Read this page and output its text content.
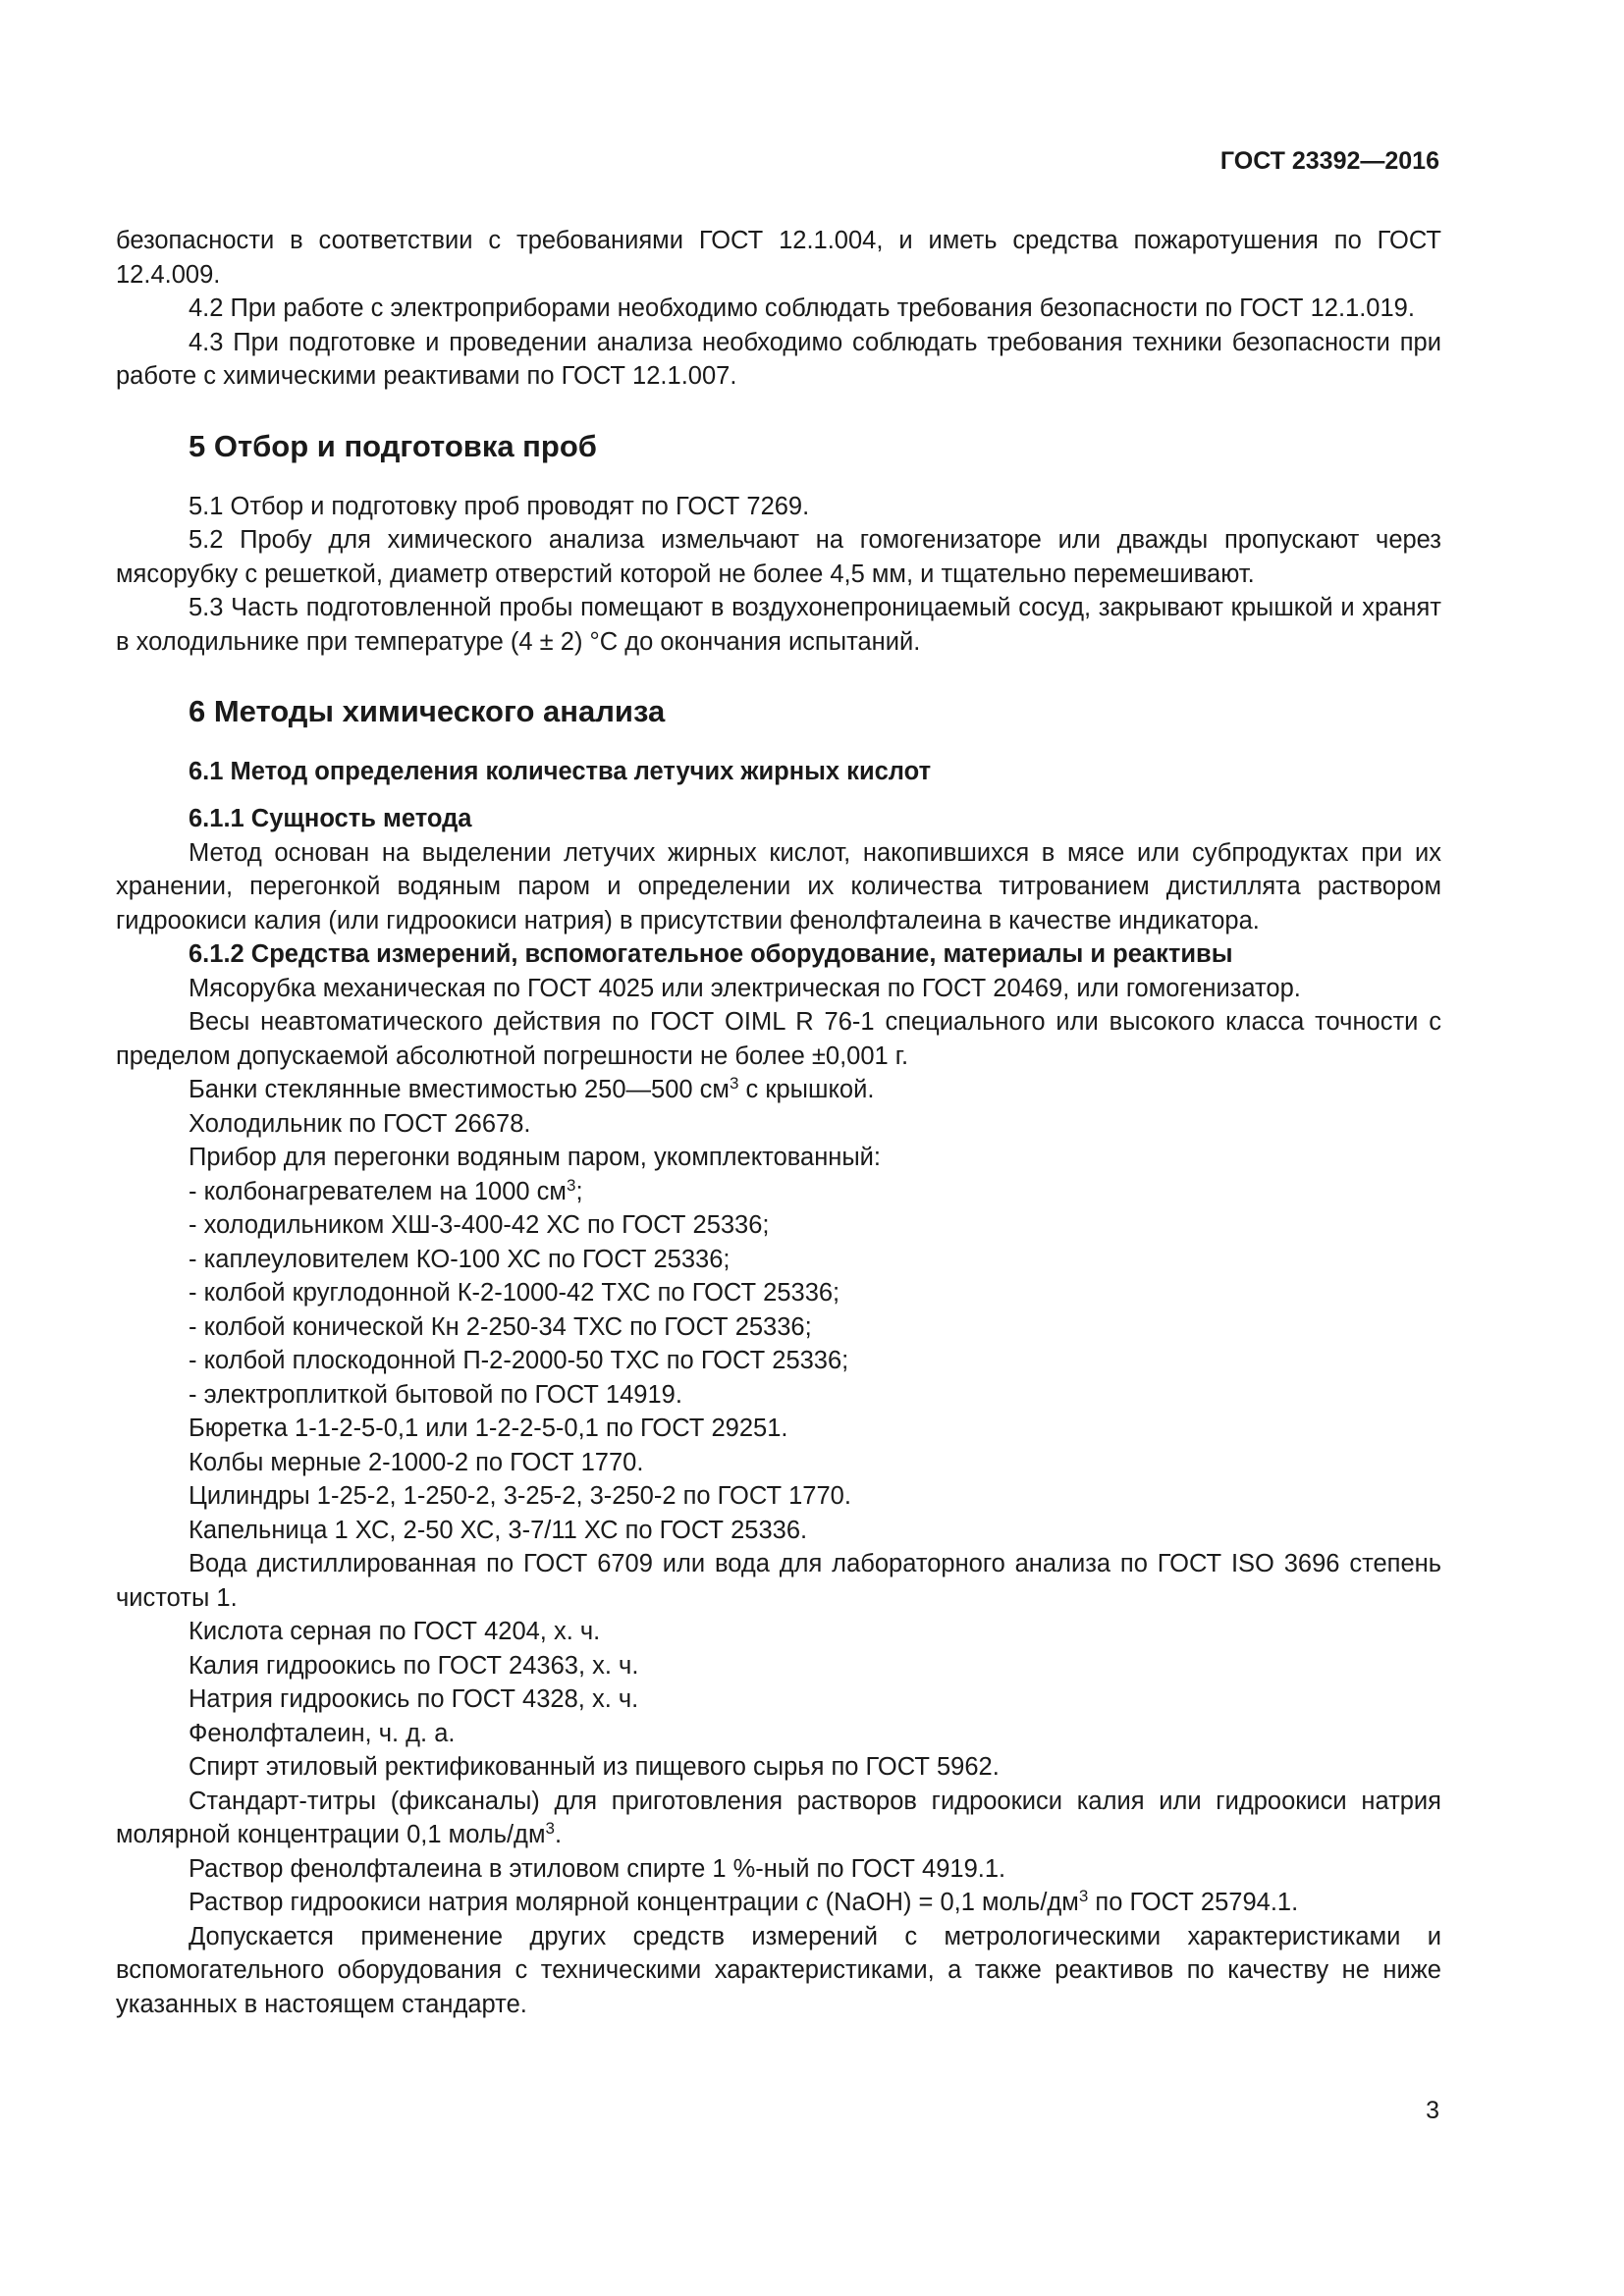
ГОСТ 23392—2016

безопасности в соответствии с требованиями ГОСТ 12.1.004, и иметь средства пожаротушения по ГОСТ 12.4.009.

4.2 При работе с электроприборами необходимо соблюдать требования безопасности по ГОСТ 12.1.019.

4.3 При подготовке и проведении анализа необходимо соблюдать требования техники безопасности при работе с химическими реактивами по ГОСТ 12.1.007.

5 Отбор и подготовка проб

5.1 Отбор и подготовку проб проводят по ГОСТ 7269.

5.2 Пробу для химического анализа измельчают на гомогенизаторе или дважды пропускают через мясорубку с решеткой, диаметр отверстий которой не более 4,5 мм, и тщательно перемешивают.

5.3 Часть подготовленной пробы помещают в воздухонепроницаемый сосуд, закрывают крышкой и хранят в холодильнике при температуре (4 ± 2) °С до окончания испытаний.

6 Методы химического анализа
6.1 Метод определения количества летучих жирных кислот
6.1.1 Сущность метода

Метод основан на выделении летучих жирных кислот, накопившихся в мясе или субпродуктах при их хранении, перегонкой водяным паром и определении их количества титрованием дистиллята раствором гидроокиси калия (или гидроокиси натрия) в присутствии фенолфталеина в качестве индикатора.

6.1.2 Средства измерений, вспомогательное оборудование, материалы и реактивы

Мясорубка механическая по ГОСТ 4025 или электрическая по ГОСТ 20469, или гомогенизатор.

Весы неавтоматического действия по ГОСТ OIML R 76-1 специального или высокого класса точности с пределом допускаемой абсолютной погрешности не более ±0,001 г.

Банки стеклянные вместимостью 250—500 $см^3$ с крышкой.

Холодильник по ГОСТ 26678.

Прибор для перегонки водяным паром, укомплектованный:

- колбонагревателем на 1000 $см^3$;

- холодильником ХШ-3-400-42 ХС по ГОСТ 25336;

- каплеуловителем КО-100 ХС по ГОСТ 25336;

- колбой круглодонной К-2-1000-42 ТХС по ГОСТ 25336;

- колбой конической Кн 2-250-34 ТХС по ГОСТ 25336;

- колбой плоскодонной П-2-2000-50 ТХС по ГОСТ 25336;

- электроплиткой бытовой по ГОСТ 14919.

Бюретка 1-1-2-5-0,1 или 1-2-2-5-0,1 по ГОСТ 29251.

Колбы мерные 2-1000-2 по ГОСТ 1770.

Цилиндры 1-25-2, 1-250-2, 3-25-2, 3-250-2 по ГОСТ 1770.

Капельница 1 ХС, 2-50 ХС, 3-7/11 ХС по ГОСТ 25336.

Вода дистиллированная по ГОСТ 6709 или вода для лабораторного анализа по ГОСТ ISO 3696 степень чистоты 1.

Кислота серная по ГОСТ 4204, х. ч.

Калия гидроокись по ГОСТ 24363, х. ч.

Натрия гидроокись по ГОСТ 4328, х. ч.

Фенолфталеин, ч. д. а.

Спирт этиловый ректификованный из пищевого сырья по ГОСТ 5962.

Стандарт-титры (фиксаналы) для приготовления растворов гидроокиси калия или гидроокиси натрия молярной концентрации 0,1 моль/$дм^3$.

Раствор фенолфталеина в этиловом спирте 1 %-ный по ГОСТ 4919.1.

Раствор гидроокиси натрия молярной концентрации с (NaOH) = 0,1 моль/$дм^3$ по ГОСТ 25794.1.

Допускается применение других средств измерений с метрологическими характеристиками и вспомогательного оборудования с техническими характеристиками, а также реактивов по качеству не ниже указанных в настоящем стандарте.

3
